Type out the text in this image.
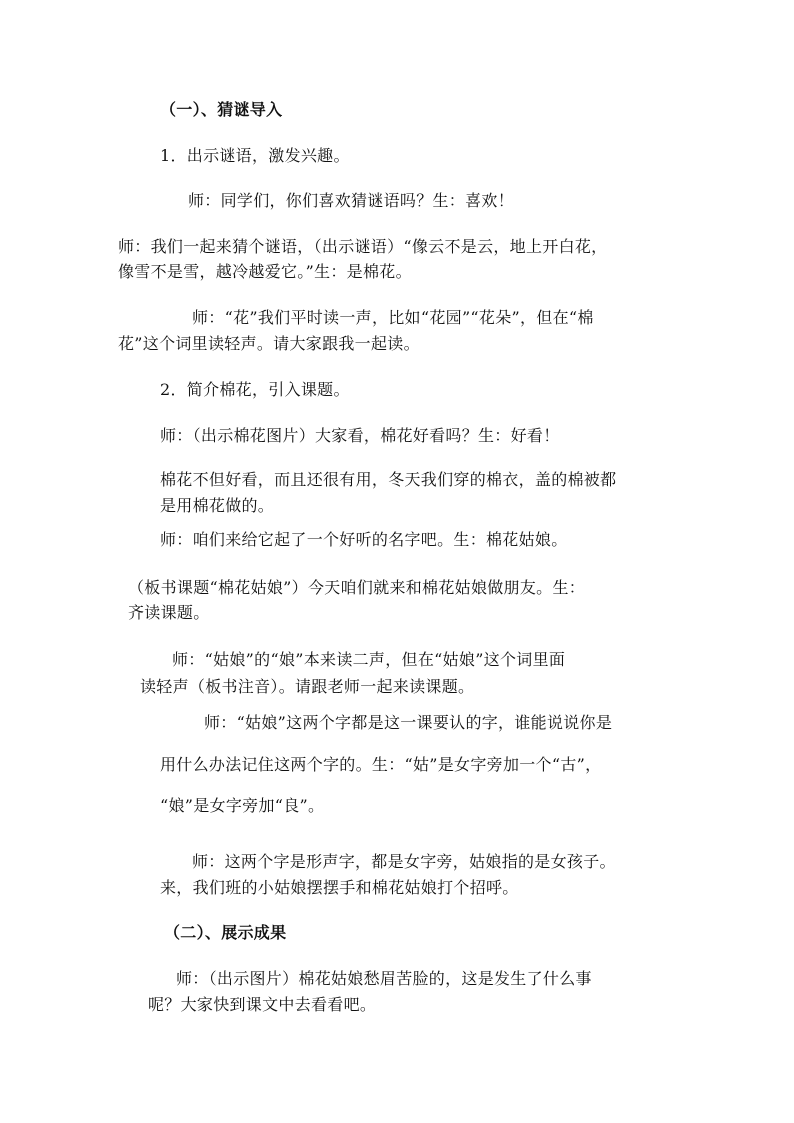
（一）、猜谜导入
1．出示谜语，激发兴趣。
师：同学们，你们喜欢猜谜语吗？生：喜欢！
师：我们一起来猜个谜语，（出示谜语）“像云不是云，地上开白花，
像雪不是雪，越冷越爱它。”生：是棉花。
师：“花”我们平时读一声，比如“花园”“花朵”，但在“棉
花”这个词里读轻声。请大家跟我一起读。
2．简介棉花，引入课题。
师：（出示棉花图片）大家看，棉花好看吗？生：好看！
棉花不但好看，而且还很有用，冬天我们穿的棉衣，盖的棉被都
是用棉花做的。
师：咱们来给它起了一个好听的名字吧。生：棉花姑娘。
（板书课题“棉花姑娘”）今天咱们就来和棉花姑娘做朋友。生：
齐读课题。
师：“姑娘”的“娘”本来读二声，但在“姑娘”这个词里面
读轻声（板书注音）。请跟老师一起来读课题。
师：“姑娘”这两个字都是这一课要认的字，谁能说说你是
用什么办法记住这两个字的。生：“姑”是女字旁加一个“古”，
“娘”是女字旁加“良”。
师：这两个字是形声字，都是女字旁，姑娘指的是女孩子。
来，我们班的小姑娘摆摆手和棉花姑娘打个招呼。
（二）、展示成果
师：（出示图片）棉花姑娘愁眉苦脸的，这是发生了什么事
呢？大家快到课文中去看看吧。
